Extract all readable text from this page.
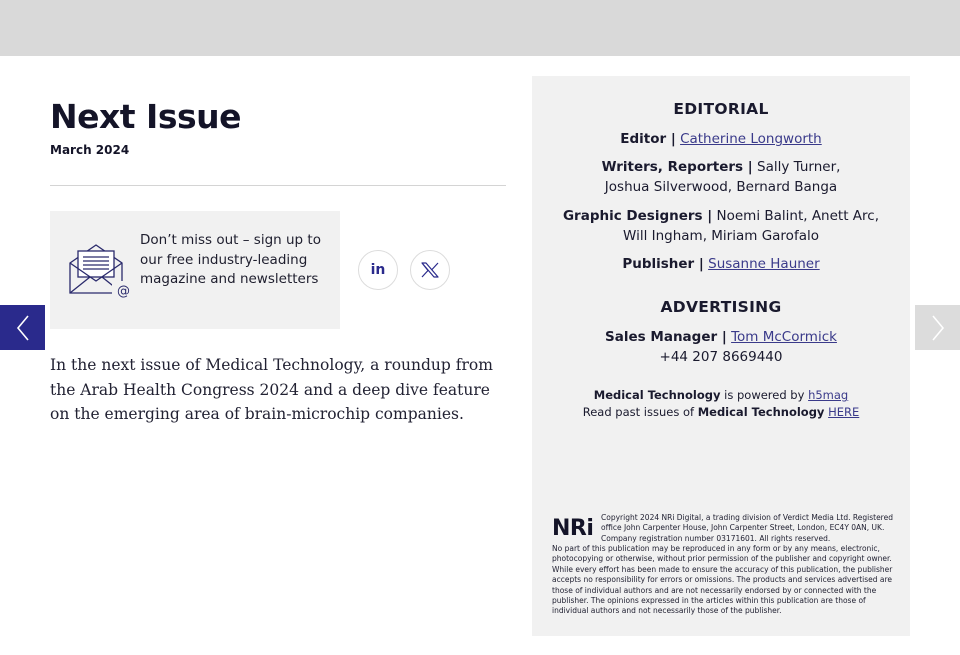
Next Issue
March 2024
@
Don’t miss out – sign up to our free industry-leading magazine and newsletters
in

In the next issue of Medical Technology, a roundup from the Arab Health Congress 2024 and a deep dive feature on the emerging area of brain-microchip companies.

EDITORIAL
Editor | Catherine Longworth
Writers, Reporters | Sally Turner,
Joshua Silverwood, Bernard Banga
Graphic Designers | Noemi Balint, Anett Arc,
Will Ingham, Miriam Garofalo
Publisher | Susanne Hauner
ADVERTISING
Sales Manager | Tom McCormick
+44 207 8669440
Medical Technology is powered by h5mag
Read past issues of Medical Technology HERE
NRi Copyright 2024 NRi Digital, a trading division of Verdict Media Ltd. Registered office John Carpenter House, John Carpenter Street, London, EC4Y 0AN, UK. Company registration number 03171601. All rights reserved.
No part of this publication may be reproduced in any form or by any means, electronic, photocopying or otherwise, without prior permission of the publisher and copyright owner. While every effort has been made to ensure the accuracy of this publication, the publisher accepts no responsibility for errors or omissions. The products and services advertised are those of individual authors and are not necessarily endorsed by or connected with the publisher. The opinions expressed in the articles within this publication are those of individual authors and not necessarily those of the publisher.
